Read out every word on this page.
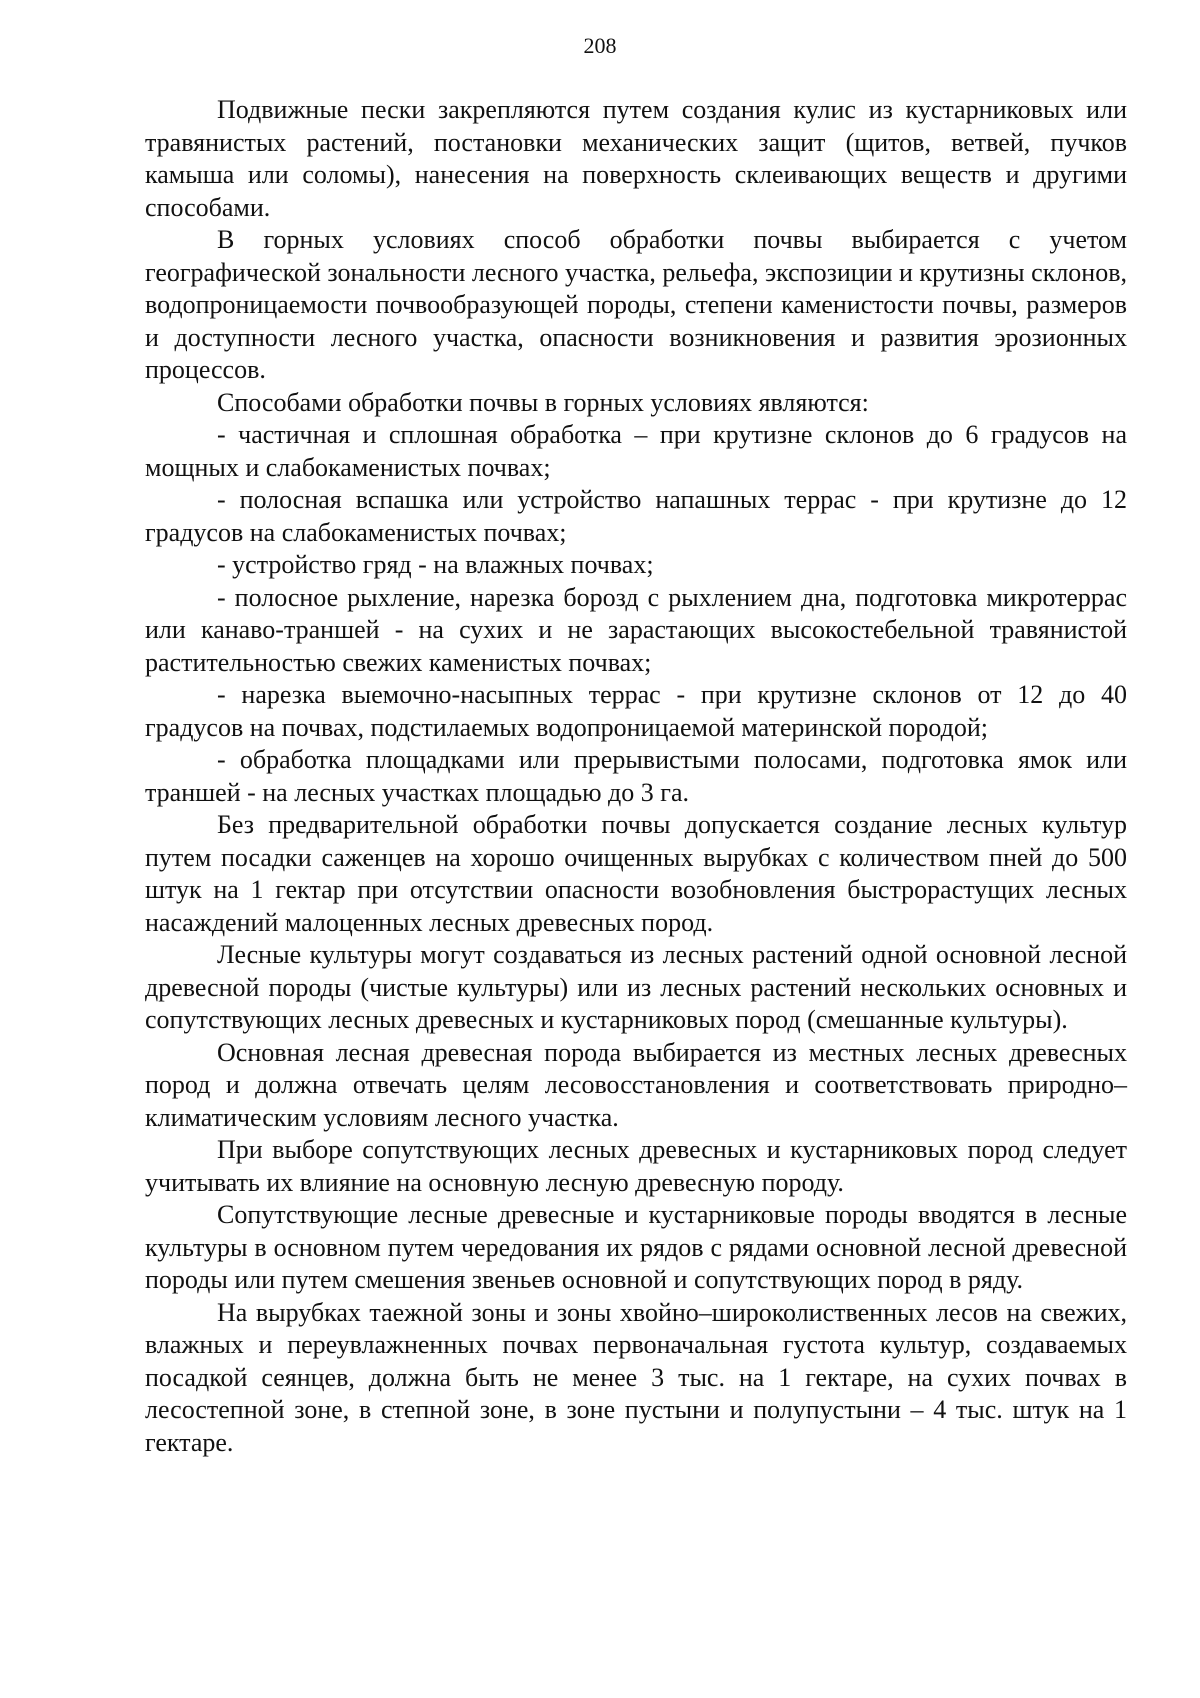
208

Подвижные пески закрепляются путем создания кулис из кустарниковых или травянистых растений, постановки механических защит (щитов, ветвей, пучков камыша или соломы), нанесения на поверхность склеивающих веществ и другими способами.

В горных условиях способ обработки почвы выбирается с учетом географической зональности лесного участка, рельефа, экспозиции и крутизны склонов, водопроницаемости почвообразующей породы, степени каменистости почвы, размеров и доступности лесного участка, опасности возникновения и развития эрозионных процессов.

Способами обработки почвы в горных условиях являются:

- частичная и сплошная обработка – при крутизне склонов до 6 градусов на мощных и слабокаменистых почвах;

- полосная вспашка или устройство напашных террас - при крутизне до 12 градусов на слабокаменистых почвах;

- устройство гряд - на влажных почвах;

- полосное рыхление, нарезка борозд с рыхлением дна, подготовка микротеррас или канаво-траншей - на сухих и не зарастающих высокостебельной травянистой растительностью свежих каменистых почвах;

- нарезка выемочно-насыпных террас - при крутизне склонов от 12 до 40 градусов на почвах, подстилаемых водопроницаемой материнской породой;

- обработка площадками или прерывистыми полосами, подготовка ямок или траншей - на лесных участках площадью до 3 га.

Без предварительной обработки почвы допускается создание лесных культур путем посадки саженцев на хорошо очищенных вырубках с количеством пней до 500 штук на 1 гектар при отсутствии опасности возобновления быстрорастущих лесных насаждений малоценных лесных древесных пород.

Лесные культуры могут создаваться из лесных растений одной основной лесной древесной породы (чистые культуры) или из лесных растений нескольких основных и сопутствующих лесных древесных и кустарниковых пород (смешанные культуры).

Основная лесная древесная порода выбирается из местных лесных древесных пород и должна отвечать целям лесовосстановления и соответствовать природно–климатическим условиям лесного участка.

При выборе сопутствующих лесных древесных и кустарниковых пород следует учитывать их влияние на основную лесную древесную породу.

Сопутствующие лесные древесные и кустарниковые породы вводятся в лесные культуры в основном путем чередования их рядов с рядами основной лесной древесной породы или путем смешения звеньев основной и сопутствующих пород в ряду.

На вырубках таежной зоны и зоны хвойно–широколиственных лесов на свежих, влажных и переувлажненных почвах первоначальная густота культур, создаваемых посадкой сеянцев, должна быть не менее 3 тыс. на 1 гектаре, на сухих почвах в лесостепной зоне, в степной зоне, в зоне пустыни и полупустыни – 4 тыс. штук на 1 гектаре.
